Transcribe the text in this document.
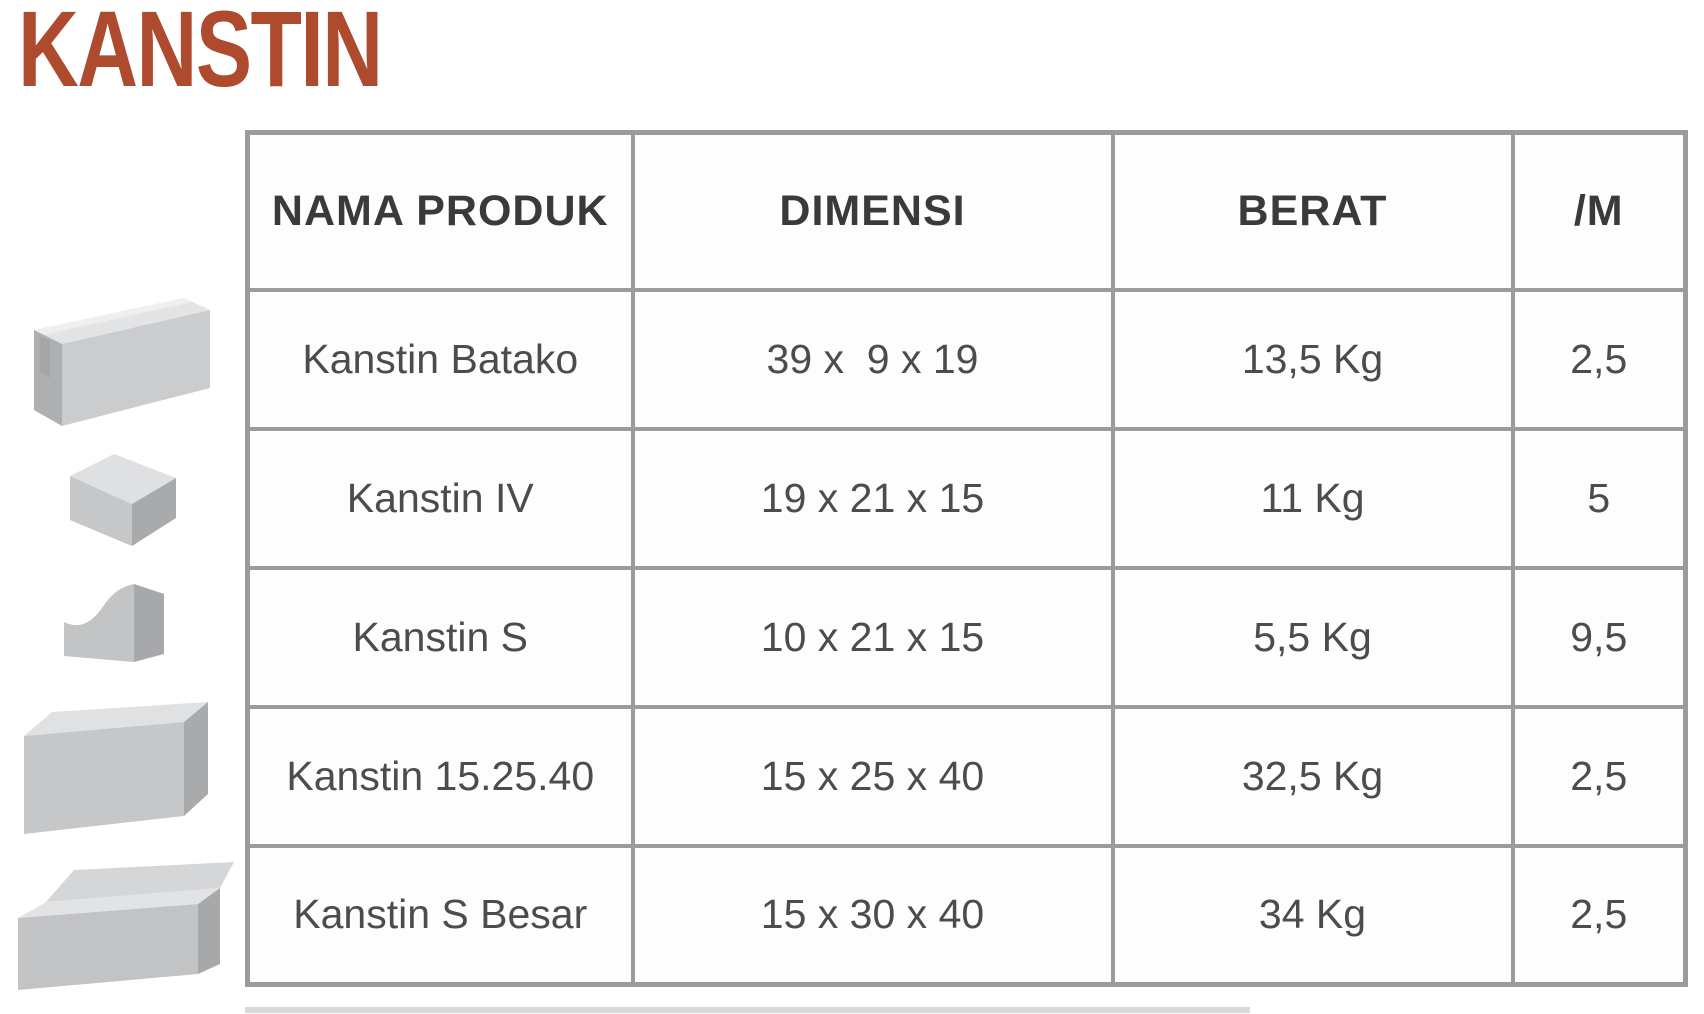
KANSTIN
NAMA PRODUK	DIMENSI	BERAT	/M
Kanstin Batako	39 x  9 x 19	13,5 Kg	2,5
Kanstin IV	19 x 21 x 15	11 Kg	5
Kanstin S	10 x 21 x 15	5,5 Kg	9,5
Kanstin 15.25.40	15 x 25 x 40	32,5 Kg	2,5
Kanstin S Besar	15 x 30 x 40	34 Kg	2,5
